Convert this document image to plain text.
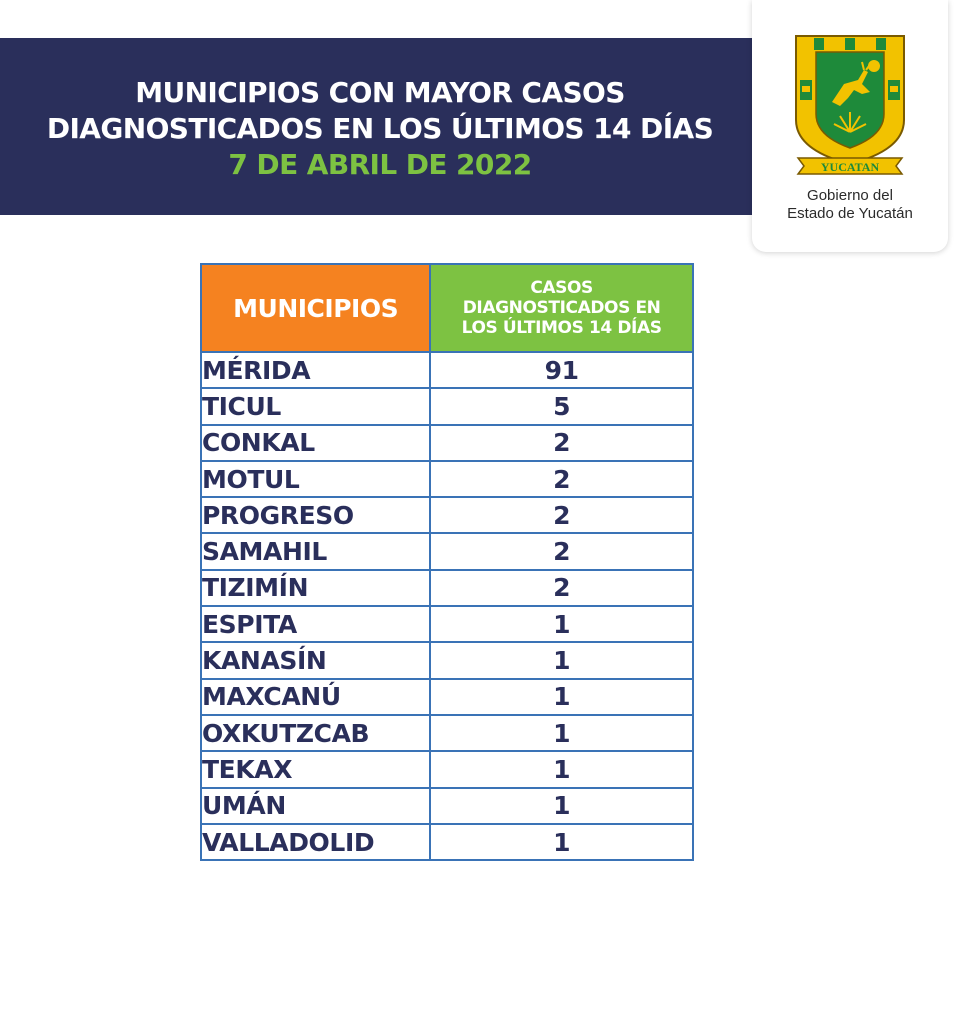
MUNICIPIOS CON MAYOR CASOS
DIAGNOSTICADOS EN LOS ÚLTIMOS 14 DÍAS
7 DE ABRIL DE 2022	YUCATAN
Gobierno del
Estado de Yucatán
MUNICIPIOS	CASOS
DIAGNOSTICADOS EN
LOS ÚLTIMOS 14 DÍAS

MÉRIDA	91
TICUL	5
CONKAL	2
MOTUL	2
PROGRESO	2
SAMAHIL	2
TIZIMÍN	2
ESPITA	1
KANASÍN	1
MAXCANÚ	1
OXKUTZCAB	1
TEKAX	1
UMÁN	1
VALLADOLID	1
